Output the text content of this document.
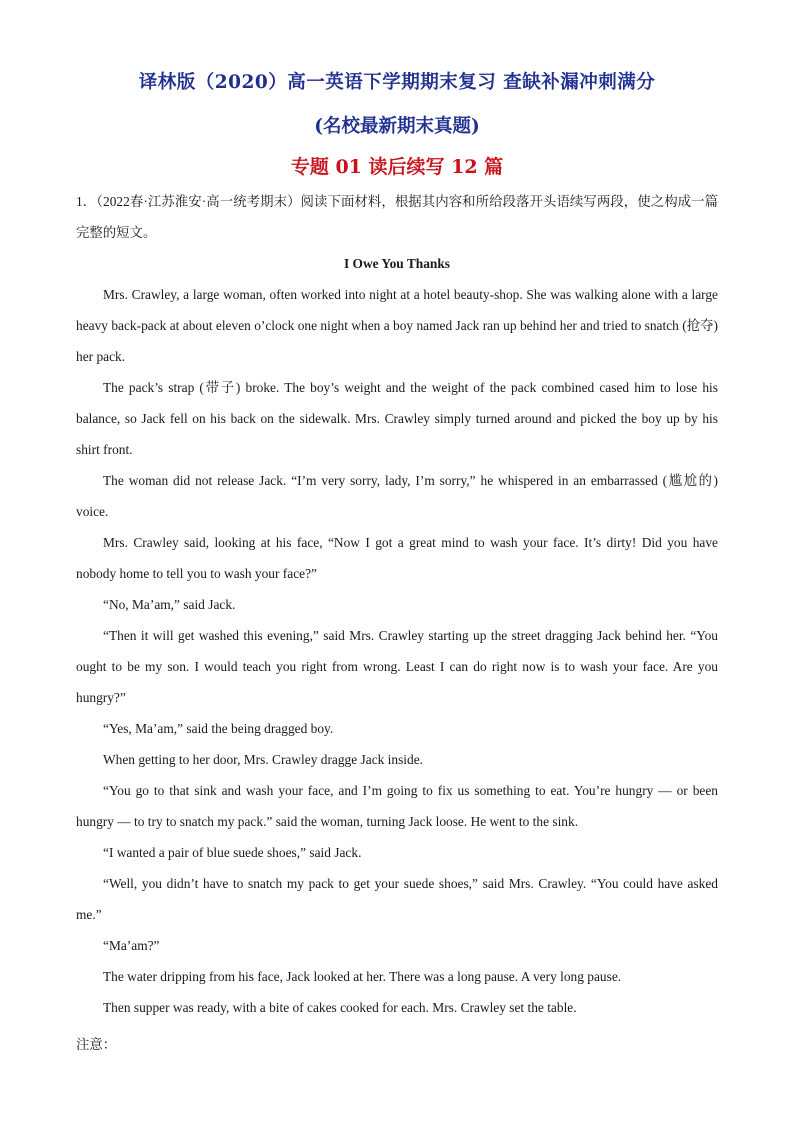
译林版（2020）高一英语下学期期末复习 查缺补漏冲刺满分
(名校最新期末真题)
专题 01 读后续写 12 篇

1．（2022春·江苏淮安·高一统考期末）阅读下面材料，根据其内容和所给段落开头语续写两段，使之构成一篇完整的短文。

I Owe You Thanks

Mrs. Crawley, a large woman, often worked into night at a hotel beauty-shop. She was walking alone with a large heavy back-pack at about eleven o’clock one night when a boy named Jack ran up behind her and tried to snatch (抢夺) her pack.

The pack’s strap (带子) broke. The boy’s weight and the weight of the pack combined cased him to lose his balance, so Jack fell on his back on the sidewalk. Mrs. Crawley simply turned around and picked the boy up by his shirt front.

The woman did not release Jack. “I’m very sorry, lady, I’m sorry,” he whispered in an embarrassed (尴尬的) voice.

Mrs. Crawley said, looking at his face, “Now I got a great mind to wash your face. It’s dirty! Did you have nobody home to tell you to wash your face?”

“No, Ma’am,” said Jack.

“Then it will get washed this evening,” said Mrs. Crawley starting up the street dragging Jack behind her. “You ought to be my son. I would teach you right from wrong. Least I can do right now is to wash your face. Are you hungry?”

“Yes, Ma’am,” said the being dragged boy.

When getting to her door, Mrs. Crawley dragge Jack inside.

“You go to that sink and wash your face, and I’m going to fix us something to eat. You’re hungry — or been hungry — to try to snatch my pack.” said the woman, turning Jack loose. He went to the sink.

“I wanted a pair of blue suede shoes,” said Jack.

“Well, you didn’t have to snatch my pack to get your suede shoes,” said Mrs. Crawley. “You could have asked me.”

“Ma’am?”

The water dripping from his face, Jack looked at her. There was a long pause. A very long pause.

Then supper was ready, with a bite of cakes cooked for each. Mrs. Crawley set the table.

注意：
